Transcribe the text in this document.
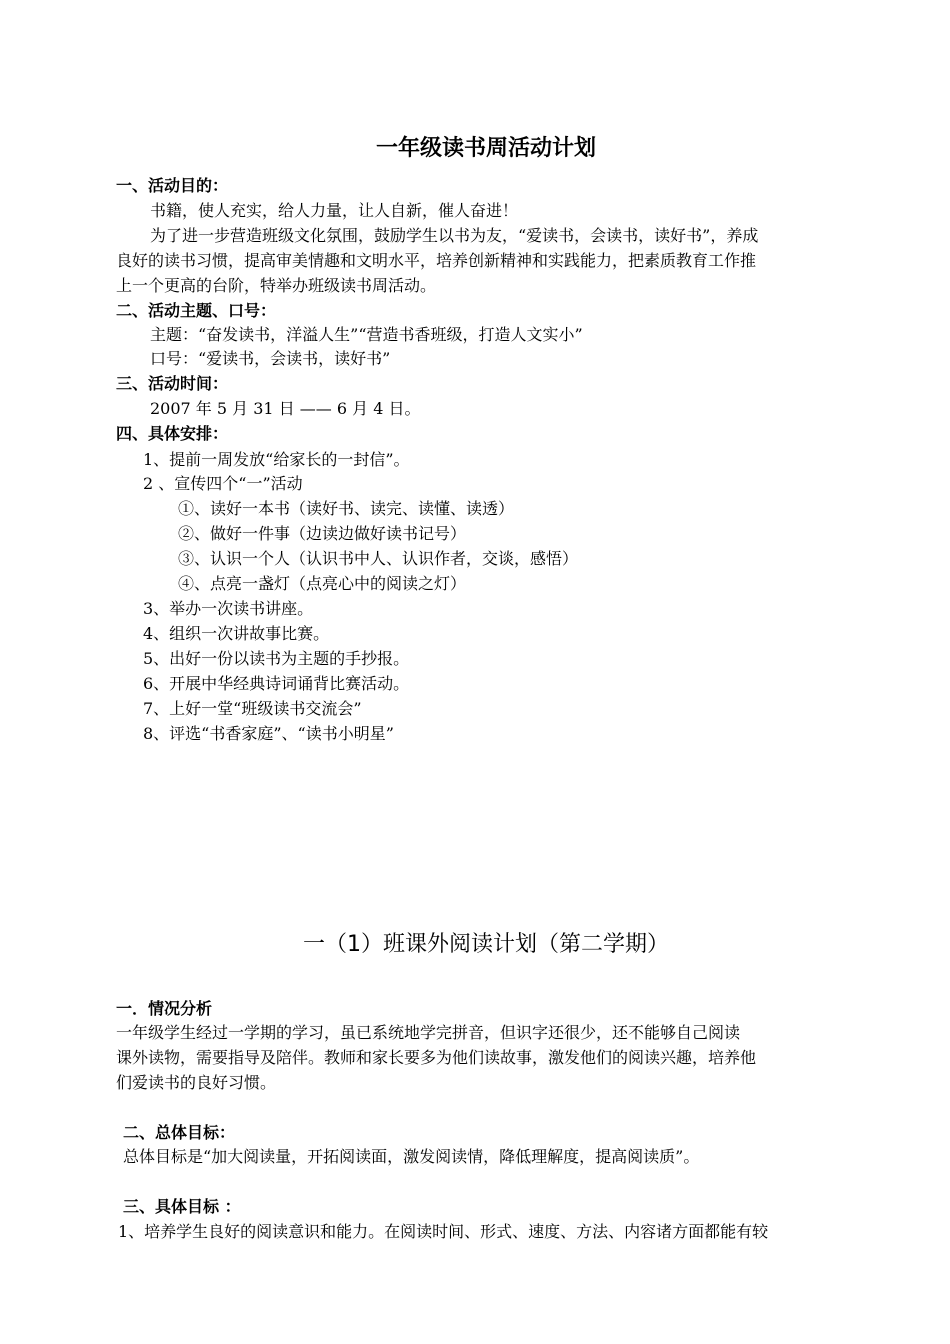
一年级读书周活动计划
一、活动目的：
书籍，使人充实，给人力量，让人自新，催人奋进！
为了进一步营造班级文化氛围，鼓励学生以书为友，“爱读书，会读书，读好书”，养成
良好的读书习惯，提高审美情趣和文明水平，培养创新精神和实践能力，把素质教育工作推
上一个更高的台阶，特举办班级读书周活动。
二、活动主题、口号：
主题：“奋发读书，洋溢人生”“营造书香班级，打造人文实小”
口号：“爱读书，会读书，读好书”
三、活动时间：
2007 年 5 月 31 日 —— 6 月 4 日。
四、具体安排：
1、提前一周发放“给家长的一封信”。
2 、宣传四个“一”活动
①、读好一本书（读好书、读完、读懂、读透）
②、做好一件事（边读边做好读书记号）
③、认识一个人（认识书中人、认识作者，交谈，感悟）
④、点亮一盏灯（点亮心中的阅读之灯）
3、举办一次读书讲座。
4、组织一次讲故事比赛。
5、出好一份以读书为主题的手抄报。
6、开展中华经典诗词诵背比赛活动。
7、上好一堂“班级读书交流会”
8、评选“书香家庭”、“读书小明星”
一（1）班课外阅读计划（第二学期）
一．情况分析
一年级学生经过一学期的学习，虽已系统地学完拼音，但识字还很少，还不能够自己阅读
课外读物，需要指导及陪伴。教师和家长要多为他们读故事，激发他们的阅读兴趣，培养他
们爱读书的良好习惯。
二、总体目标：
总体目标是“加大阅读量，开拓阅读面，激发阅读情，降低理解度，提高阅读质”。
三、具体目标 ：
1、培养学生良好的阅读意识和能力。在阅读时间、形式、速度、方法、内容诸方面都能有较
